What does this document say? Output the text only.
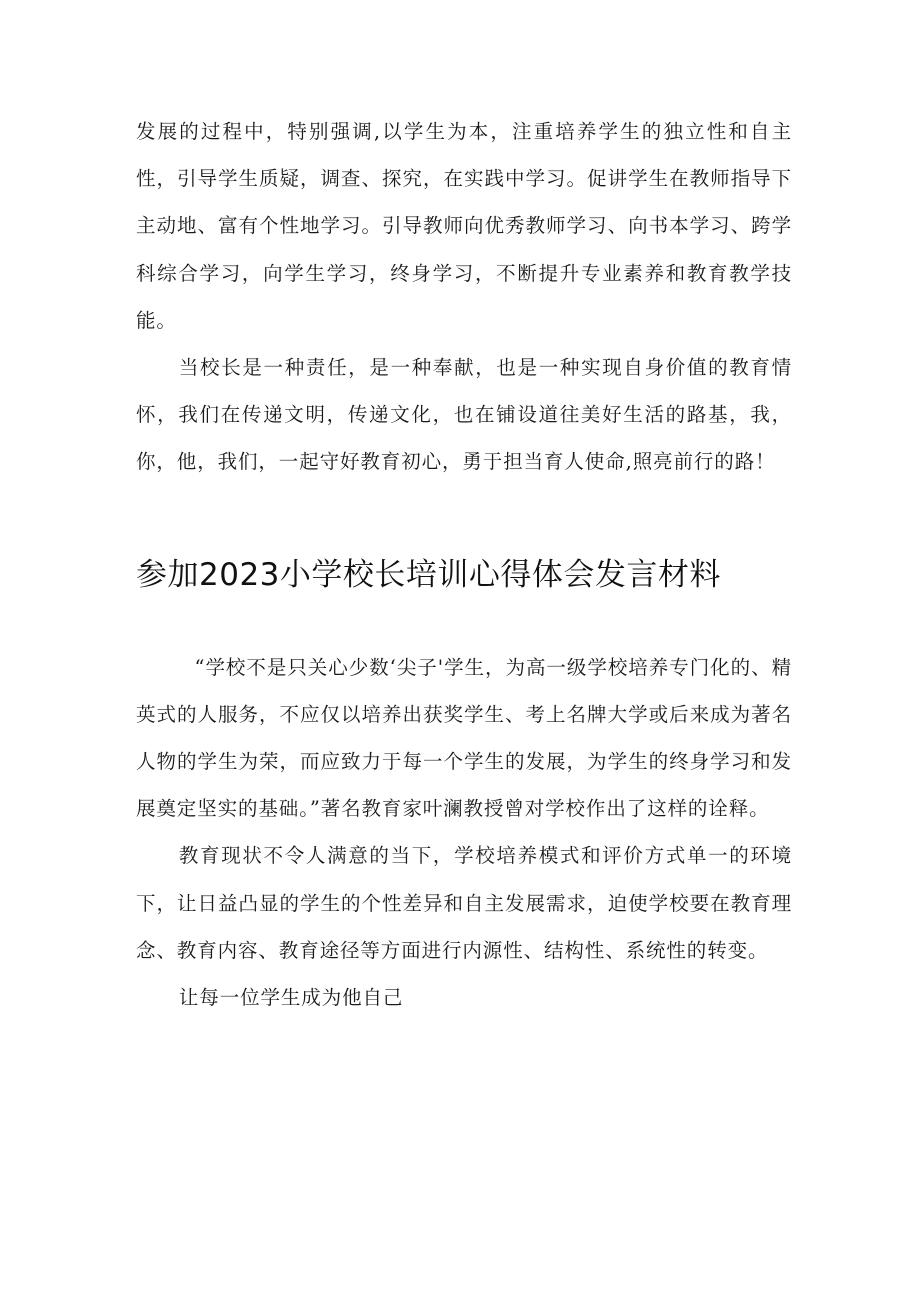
发展的过程中，特别强调,以学生为本，注重培养学生的独立性和自主性，引导学生质疑，调查、探究，在实践中学习。促讲学生在教师指导下主动地、富有个性地学习。引导教师向优秀教师学习、向书本学习、跨学科综合学习，向学生学习，终身学习，不断提升专业素养和教育教学技能。

当校长是一种责任，是一种奉献，也是一种实现自身价值的教育情怀，我们在传递文明，传递文化，也在铺设道往美好生活的路基，我，你，他，我们，一起守好教育初心，勇于担当育人使命,照亮前行的路！

参加2023小学校长培训心得体会发言材料

“学校不是只关心少数‘尖子'学生，为高一级学校培养专门化的、精英式的人服务，不应仅以培养出获奖学生、考上名牌大学或后来成为著名人物的学生为荣，而应致力于每一个学生的发展，为学生的终身学习和发展奠定坚实的基础。”著名教育家叶澜教授曾对学校作出了这样的诠释。

教育现状不令人满意的当下，学校培养模式和评价方式单一的环境下，让日益凸显的学生的个性差异和自主发展需求，迫使学校要在教育理念、教育内容、教育途径等方面进行内源性、结构性、系统性的转变。

让每一位学生成为他自己
